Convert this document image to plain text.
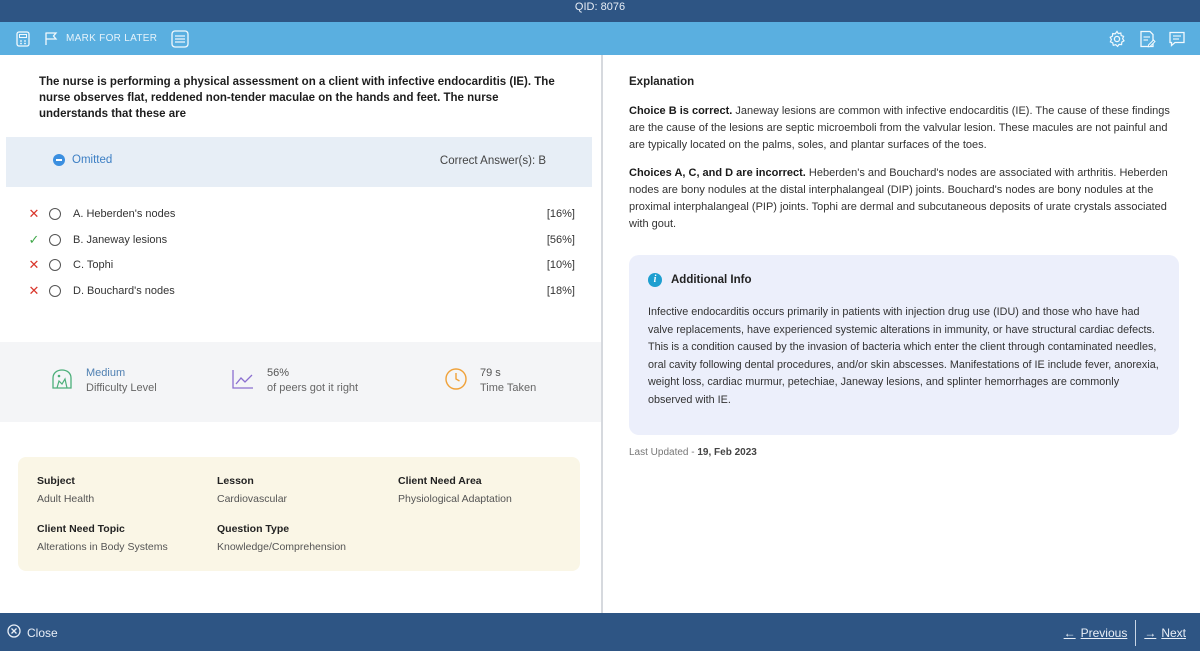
QID: 8076
MARK FOR LATER
The nurse is performing a physical assessment on a client with infective endocarditis (IE). The nurse observes flat, reddened non-tender maculae on the hands and feet. The nurse understands that these are
Omitted	Correct Answer(s): B
✕	A. Heberden's nodes	[16%]
✓	B. Janeway lesions	[56%]
✕	C. Tophi	[10%]
✕	D. Bouchard's nodes	[18%]
Medium
Difficulty Level
56%
of peers got it right
79 s
Time Taken
Subject
Adult Health
Lesson
Cardiovascular
Client Need Area
Physiological Adaptation
Client Need Topic
Alterations in Body Systems
Question Type
Knowledge/Comprehension
Explanation

Choice B is correct. Janeway lesions are common with infective endocarditis (IE). The cause of these findings are the cause of the lesions are septic microemboli from the valvular lesion. These macules are not painful and are typically located on the palms, soles, and plantar surfaces of the toes.

Choices A, C, and D are incorrect. Heberden's and Bouchard's nodes are associated with arthritis. Heberden nodes are bony nodules at the distal interphalangeal (DIP) joints. Bouchard's nodes are bony nodules at the proximal interphalangeal (PIP) joints. Tophi are dermal and subcutaneous deposits of urate crystals associated with gout.

i	Additional Info
Infective endocarditis occurs primarily in patients with injection drug use (IDU) and those who have had valve replacements, have experienced systemic alterations in immunity, or have structural cardiac defects. This is a condition caused by the invasion of bacteria which enter the client through contaminated needles, oral cavity following dental procedures, and/or skin abscesses. Manifestations of IE include fever, anorexia, weight loss, cardiac murmur, petechiae, Janeway lesions, and splinter hemorrhages are commonly observed with IE.
Last Updated - 19, Feb 2023
Close	← Previous → Next
